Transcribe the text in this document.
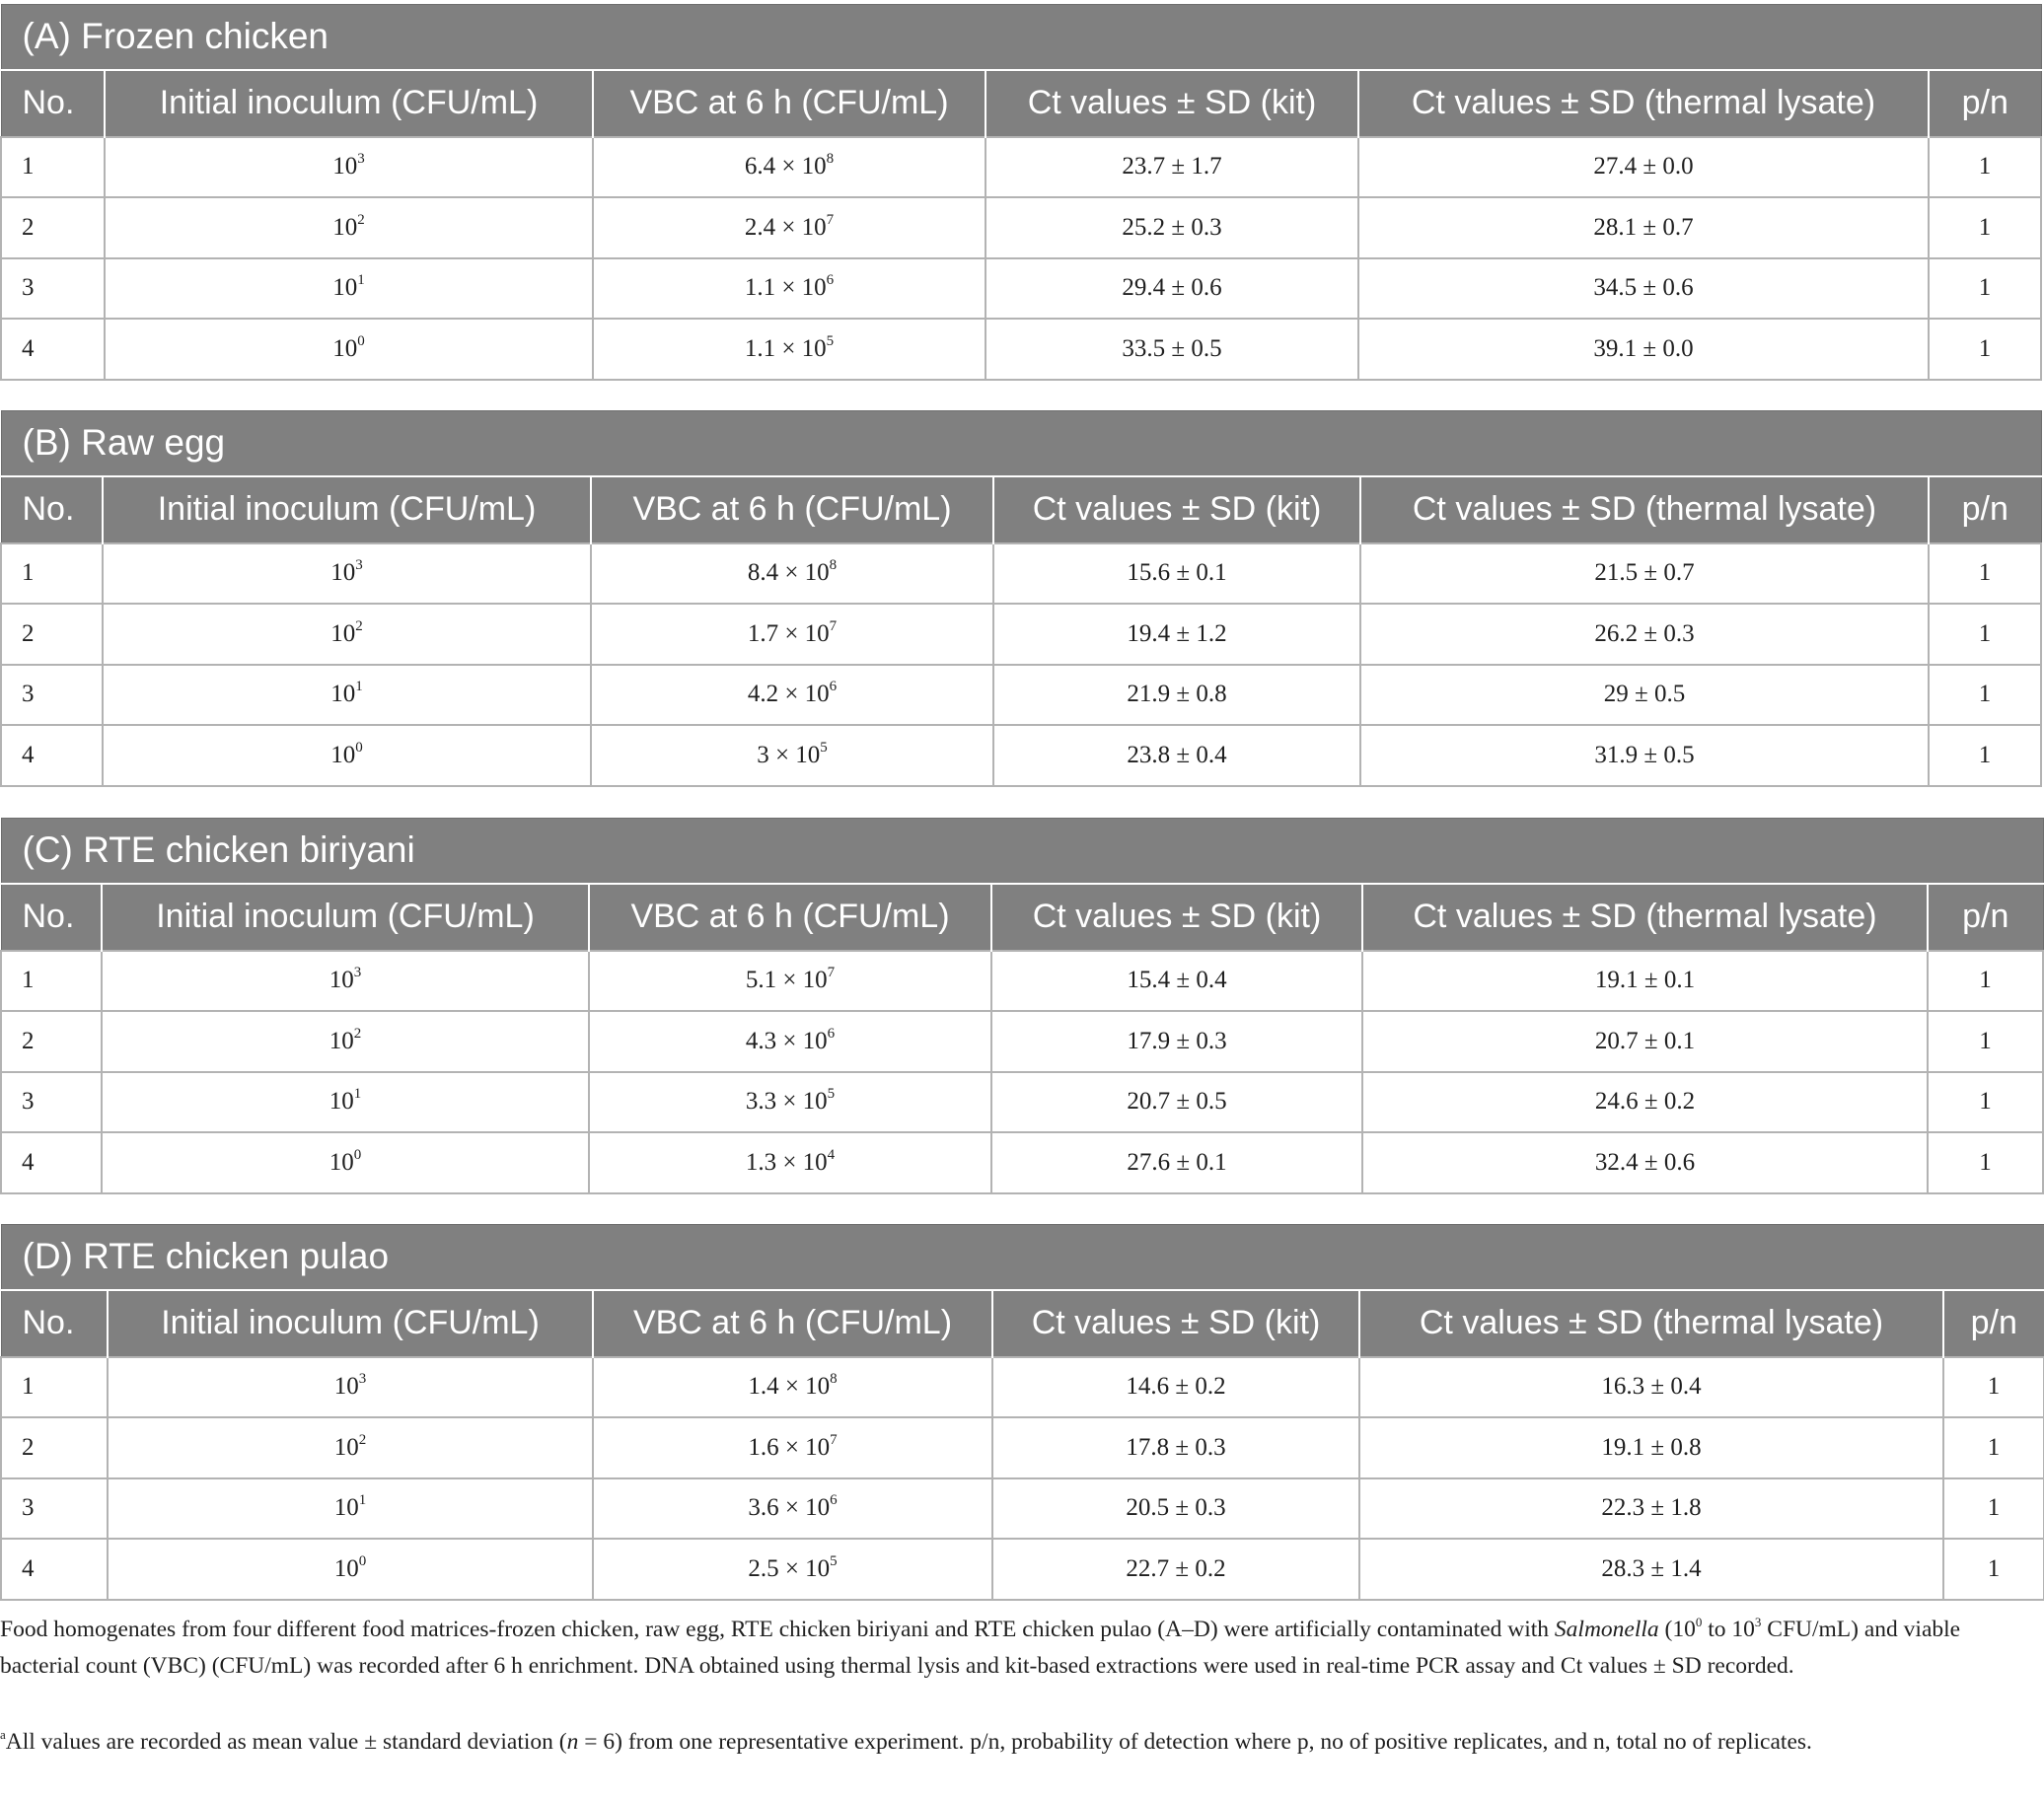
(A) Frozen chicken					
No.	Initial inoculum (CFU/mL)	VBC at 6 h (CFU/mL)	Ct values ± SD (kit)	Ct values ± SD (thermal lysate)	p/n
1	$10^3$	$6.4 \times 10^8$	23.7 ± 1.7	27.4 ± 0.0	1
2	$10^2$	$2.4 \times 10^7$	25.2 ± 0.3	28.1 ± 0.7	1
3	$10^1$	$1.1 \times 10^6$	29.4 ± 0.6	34.5 ± 0.6	1
4	$10^0$	$1.1 \times 10^5$	33.5 ± 0.5	39.1 ± 0.0	1
(B) Raw egg					
No.	Initial inoculum (CFU/mL)	VBC at 6 h (CFU/mL)	Ct values ± SD (kit)	Ct values ± SD (thermal lysate)	p/n
1	$10^3$	$8.4 \times 10^8$	15.6 ± 0.1	21.5 ± 0.7	1
2	$10^2$	$1.7 \times 10^7$	19.4 ± 1.2	26.2 ± 0.3	1
3	$10^1$	$4.2 \times 10^6$	21.9 ± 0.8	29 ± 0.5	1
4	$10^0$	$3 \times 10^5$	23.8 ± 0.4	31.9 ± 0.5	1
(C) RTE chicken biriyani					
No.	Initial inoculum (CFU/mL)	VBC at 6 h (CFU/mL)	Ct values ± SD (kit)	Ct values ± SD (thermal lysate)	p/n
1	$10^3$	$5.1 \times 10^7$	15.4 ± 0.4	19.1 ± 0.1	1
2	$10^2$	$4.3 \times 10^6$	17.9 ± 0.3	20.7 ± 0.1	1
3	$10^1$	$3.3 \times 10^5$	20.7 ± 0.5	24.6 ± 0.2	1
4	$10^0$	$1.3 \times 10^4$	27.6 ± 0.1	32.4 ± 0.6	1
(D) RTE chicken pulao					
No.	Initial inoculum (CFU/mL)	VBC at 6 h (CFU/mL)	Ct values ± SD (kit)	Ct values ± SD (thermal lysate)	p/n
1	$10^3$	$1.4 \times 10^8$	14.6 ± 0.2	16.3 ± 0.4	1
2	$10^2$	$1.6 \times 10^7$	17.8 ± 0.3	19.1 ± 0.8	1
3	$10^1$	$3.6 \times 10^6$	20.5 ± 0.3	22.3 ± 1.8	1
4	$10^0$	$2.5 \times 10^5$	22.7 ± 0.2	28.3 ± 1.4	1
Food homogenates from four different food matrices-frozen chicken, raw egg, RTE chicken biriyani and RTE chicken pulao (A–D) were artificially contaminated with Salmonella ($10^0$ to $10^3$ CFU/mL) and viable bacterial count (VBC) (CFU/mL) was recorded after 6 h enrichment. DNA obtained using thermal lysis and kit-based extractions were used in real-time PCR assay and Ct values ± SD recorded.
$^a$All values are recorded as mean value ± standard deviation (n = 6) from one representative experiment. p/n, probability of detection where p, no of positive replicates, and n, total no of replicates.
